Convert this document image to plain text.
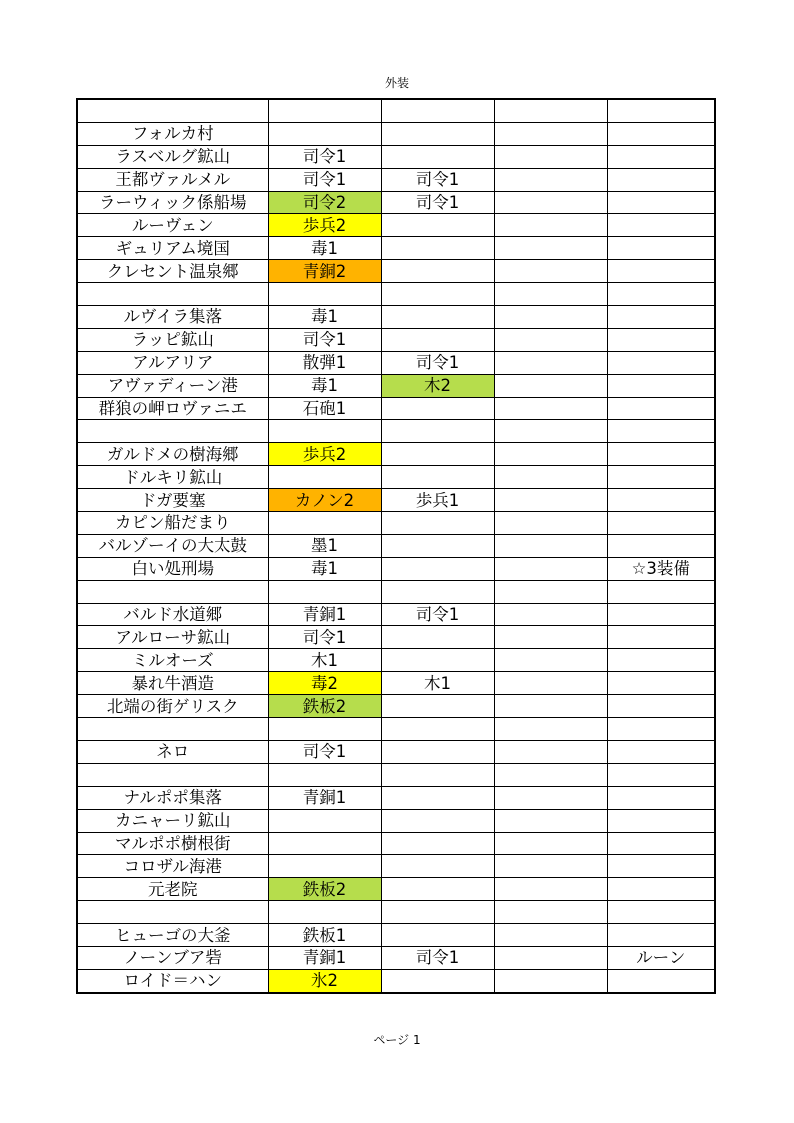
外装

フォルカ村				
ラスベルグ鉱山	司令1			
王都ヴァルメル	司令1	司令1		
ラーウィック係船場	司令2	司令1		
ルーヴェン	歩兵2			
ギュリアム境国	毒1			
クレセント温泉郷	青銅2			

ルヴイラ集落	毒1			
ラッピ鉱山	司令1			
アルアリア	散弾1	司令1		
アヴァディーン港	毒1	木2		
群狼の岬ロヴァニエ	石砲1			

ガルドメの樹海郷	歩兵2			
ドルキリ鉱山				
ドガ要塞	カノン2	歩兵1		
カピン船だまり				
バルゾーイの大太鼓	墨1			
白い処刑場	毒1			☆3装備

バルド水道郷	青銅1	司令1		
アルローサ鉱山	司令1			
ミルオーズ	木1			
暴れ牛酒造	毒2	木1		
北端の街ゲリスク	鉄板2			

ネロ	司令1			

ナルポポ集落	青銅1			
カニャーリ鉱山				
マルポポ樹根街				
コロザル海港				
元老院	鉄板2			

ヒューゴの大釜	鉄板1			
ノーンブア砦	青銅1	司令1		ルーン
ロイド＝ハン	氷2			
ページ 1
